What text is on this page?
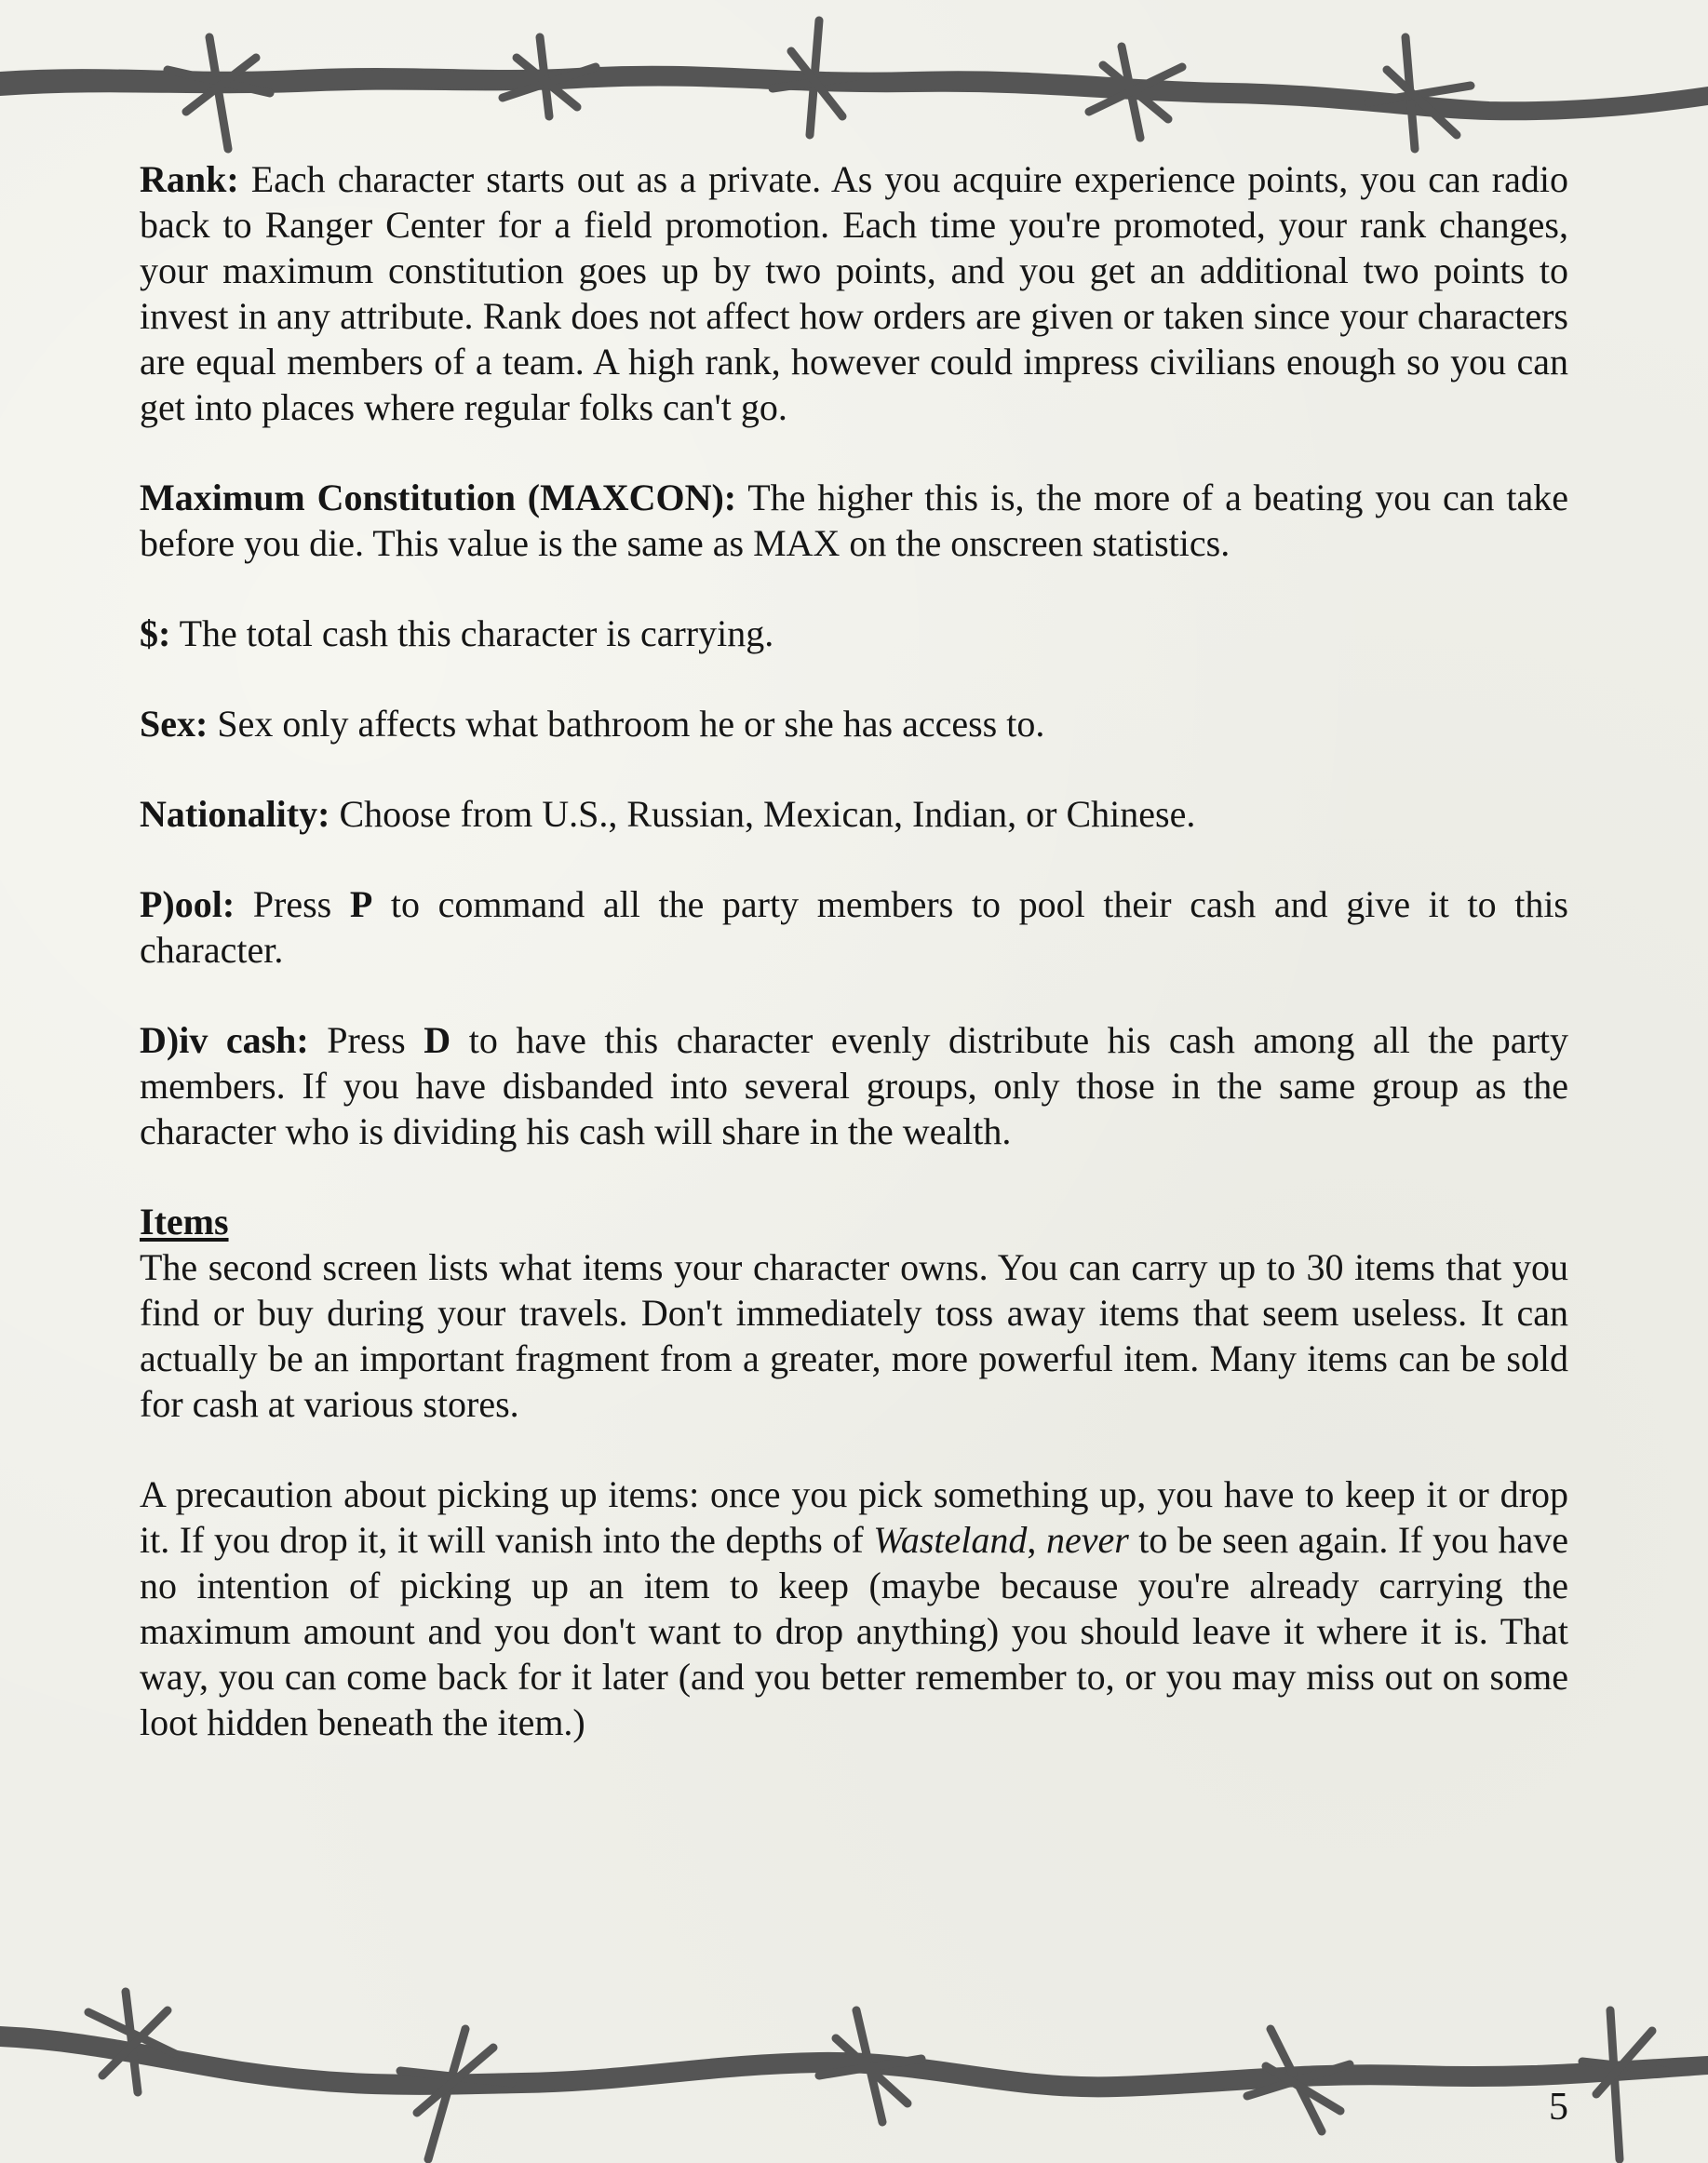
Rank: Each character starts out as a private. As you acquire experience points, you can radio back to Ranger Center for a field promotion. Each time you're promoted, your rank changes, your maximum constitution goes up by two points, and you get an additional two points to invest in any attribute. Rank does not affect how orders are given or taken since your characters are equal members of a team. A high rank, however could impress civilians enough so you can get into places where regular folks can't go.

Maximum Constitution (MAXCON): The higher this is, the more of a beating you can take before you die. This value is the same as MAX on the onscreen statistics.

$: The total cash this character is carrying.

Sex: Sex only affects what bathroom he or she has access to.

Nationality: Choose from U.S., Russian, Mexican, Indian, or Chinese.

P)ool: Press P to command all the party members to pool their cash and give it to this character.

D)iv cash: Press D to have this character evenly distribute his cash among all the party members. If you have disbanded into several groups, only those in the same group as the character who is dividing his cash will share in the wealth.

Items

The second screen lists what items your character owns. You can carry up to 30 items that you find or buy during your travels. Don't immediately toss away items that seem useless. It can actually be an important fragment from a greater, more powerful item. Many items can be sold for cash at various stores.

A precaution about picking up items: once you pick something up, you have to keep it or drop it. If you drop it, it will vanish into the depths of Wasteland, never to be seen again. If you have no intention of picking up an item to keep (maybe because you're already carrying the maximum amount and you don't want to drop anything) you should leave it where it is. That way, you can come back for it later (and you better remember to, or you may miss out on some loot hidden beneath the item.)

5
